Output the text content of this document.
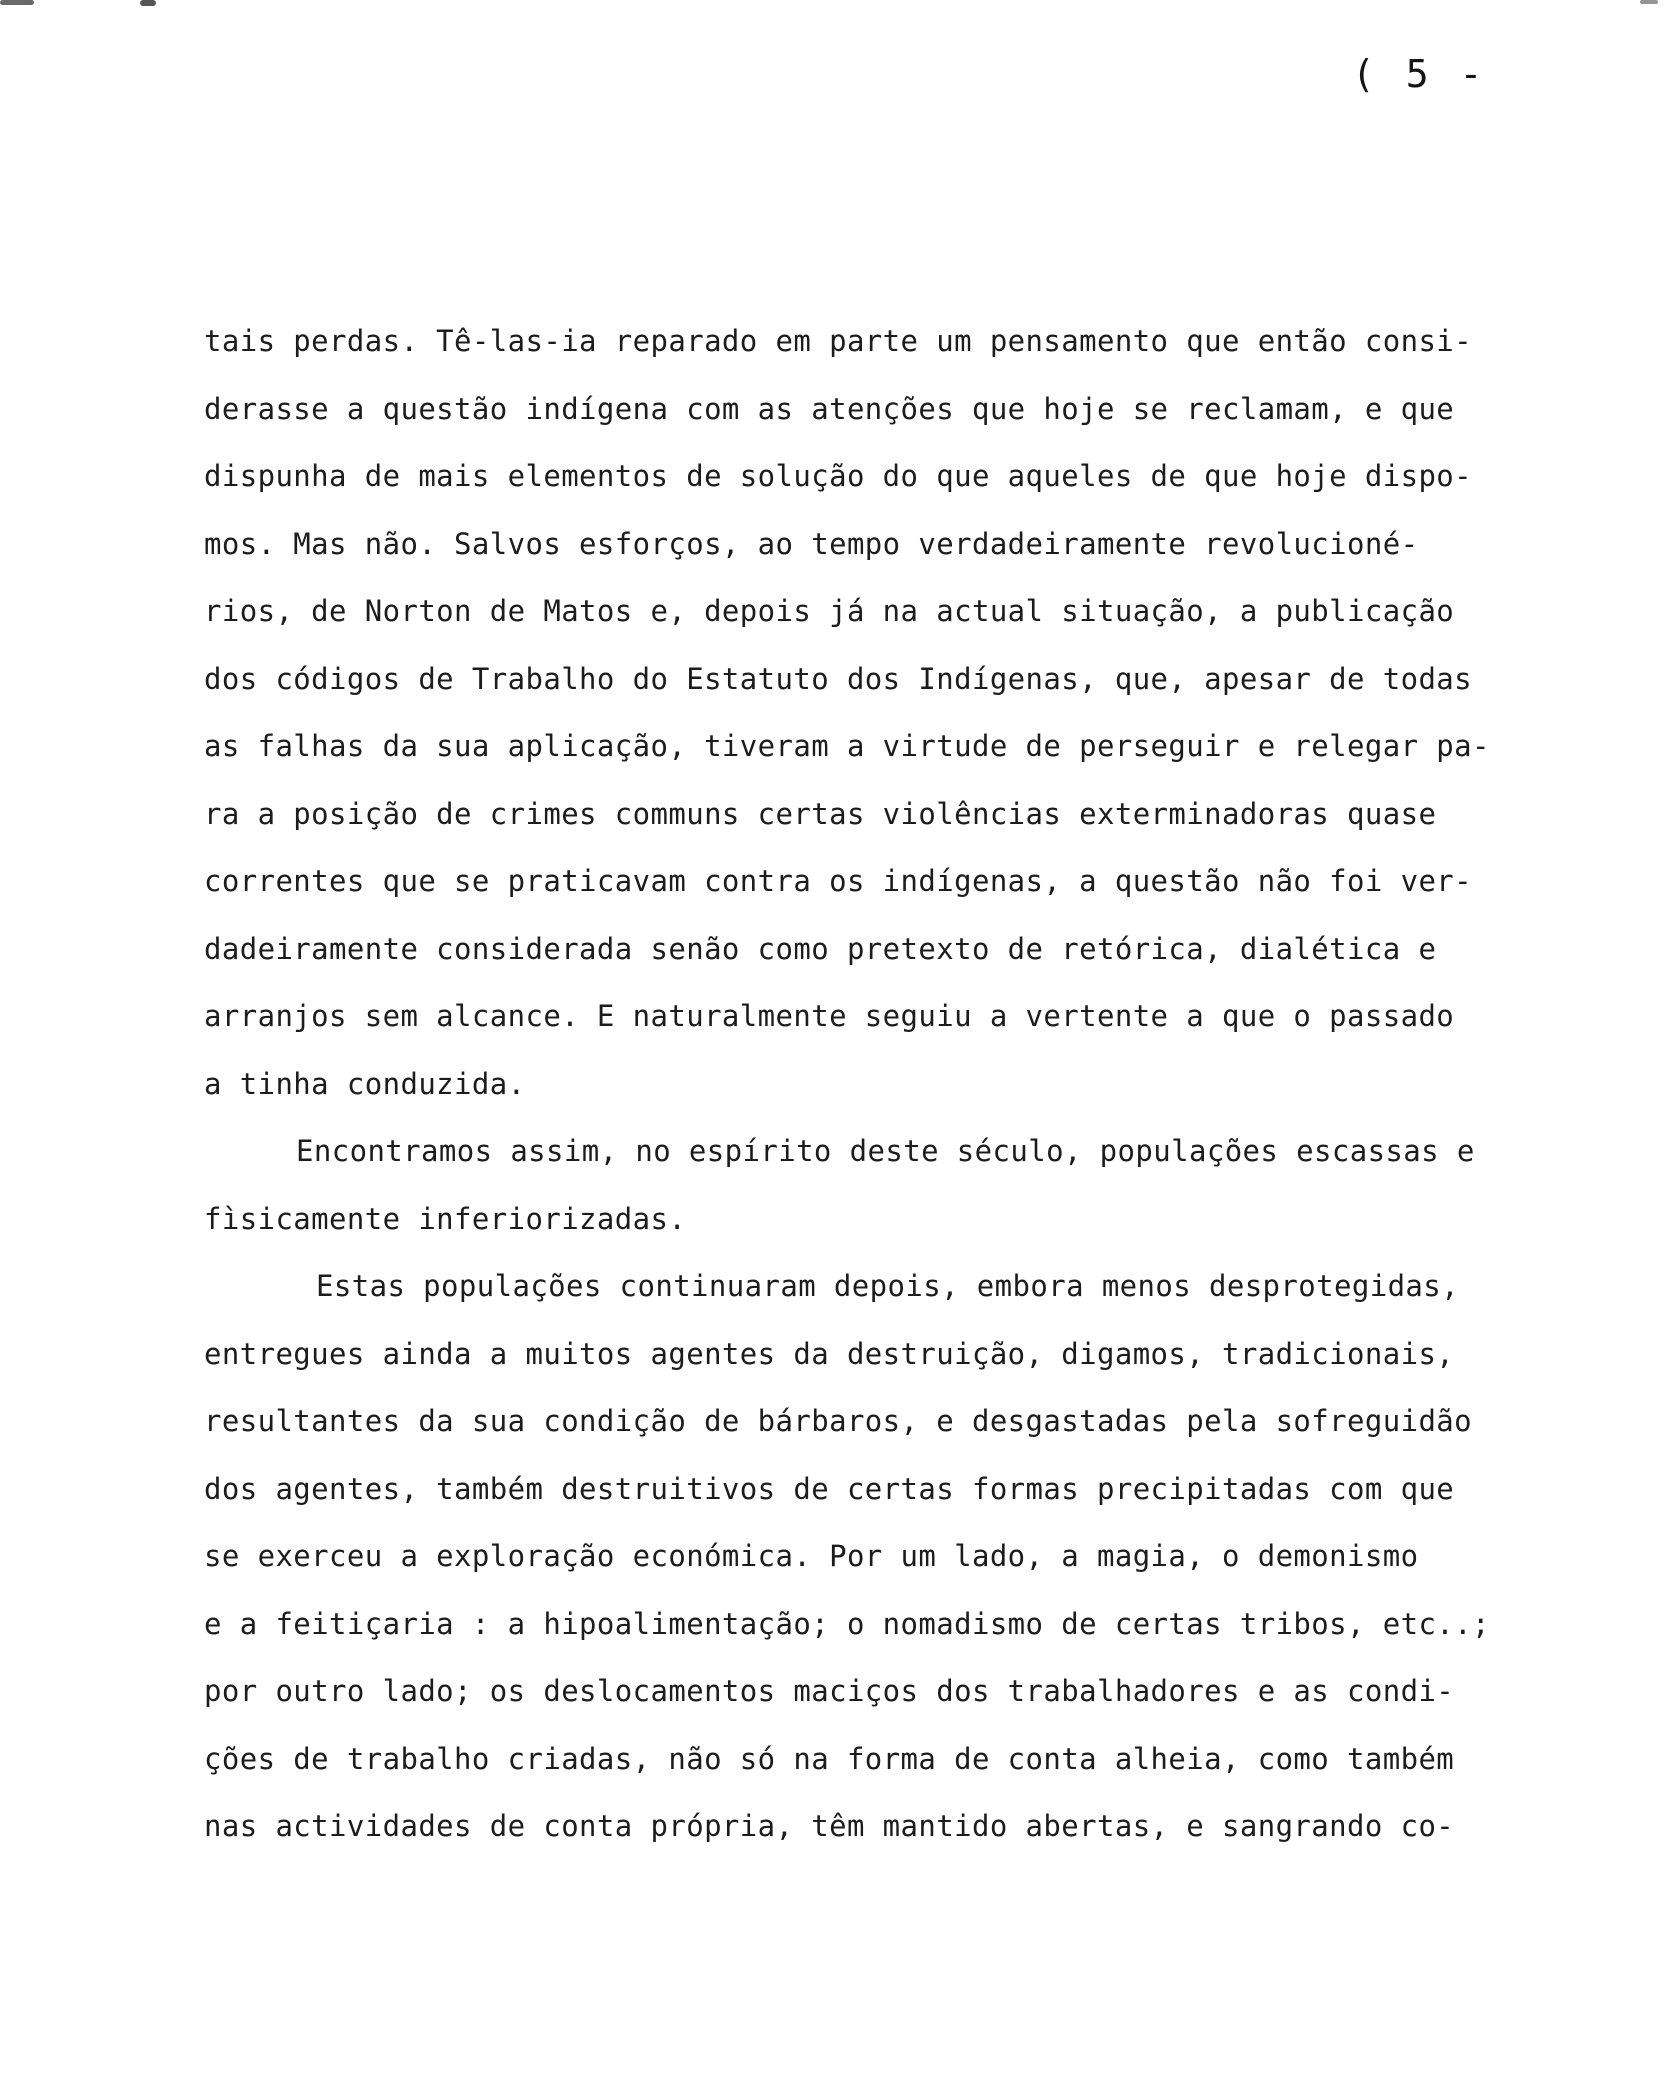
( 5 -
tais perdas. Tê-las-ia reparado em parte um pensamento que então consi-
derasse a questão indígena com as atenções que hoje se reclamam, e que
dispunha de mais elementos de solução do que aqueles de que hoje dispo-
mos. Mas não. Salvos esforços, ao tempo verdadeiramente revolucioné-
rios, de Norton de Matos e, depois já na actual situação, a publicação
dos códigos de Trabalho do Estatuto dos Indígenas, que, apesar de todas
as falhas da sua aplicação, tiveram a virtude de perseguir e relegar pa-
ra a posição de crimes communs certas violências exterminadoras quase
correntes que se praticavam contra os indígenas, a questão não foi ver-
dadeiramente considerada senão como pretexto de retórica, dialética e
arranjos sem alcance. E naturalmente seguiu a vertente a que o passado
a tinha conduzida.
Encontramos assim, no espírito deste século, populações escassas e
fìsicamente inferiorizadas.
Estas populações continuaram depois, embora menos desprotegidas,
entregues ainda a muitos agentes da destruição, digamos, tradicionais,
resultantes da sua condição de bárbaros, e desgastadas pela sofreguidão
dos agentes, também destruitivos de certas formas precipitadas com que
se exerceu a exploração económica. Por um lado, a magia, o demonismo
e a feitiçaria : a hipoalimentação; o nomadismo de certas tribos, etc..;
por outro lado; os deslocamentos maciços dos trabalhadores e as condi-
ções de trabalho criadas, não só na forma de conta alheia, como também
nas actividades de conta própria, têm mantido abertas, e sangrando co-
